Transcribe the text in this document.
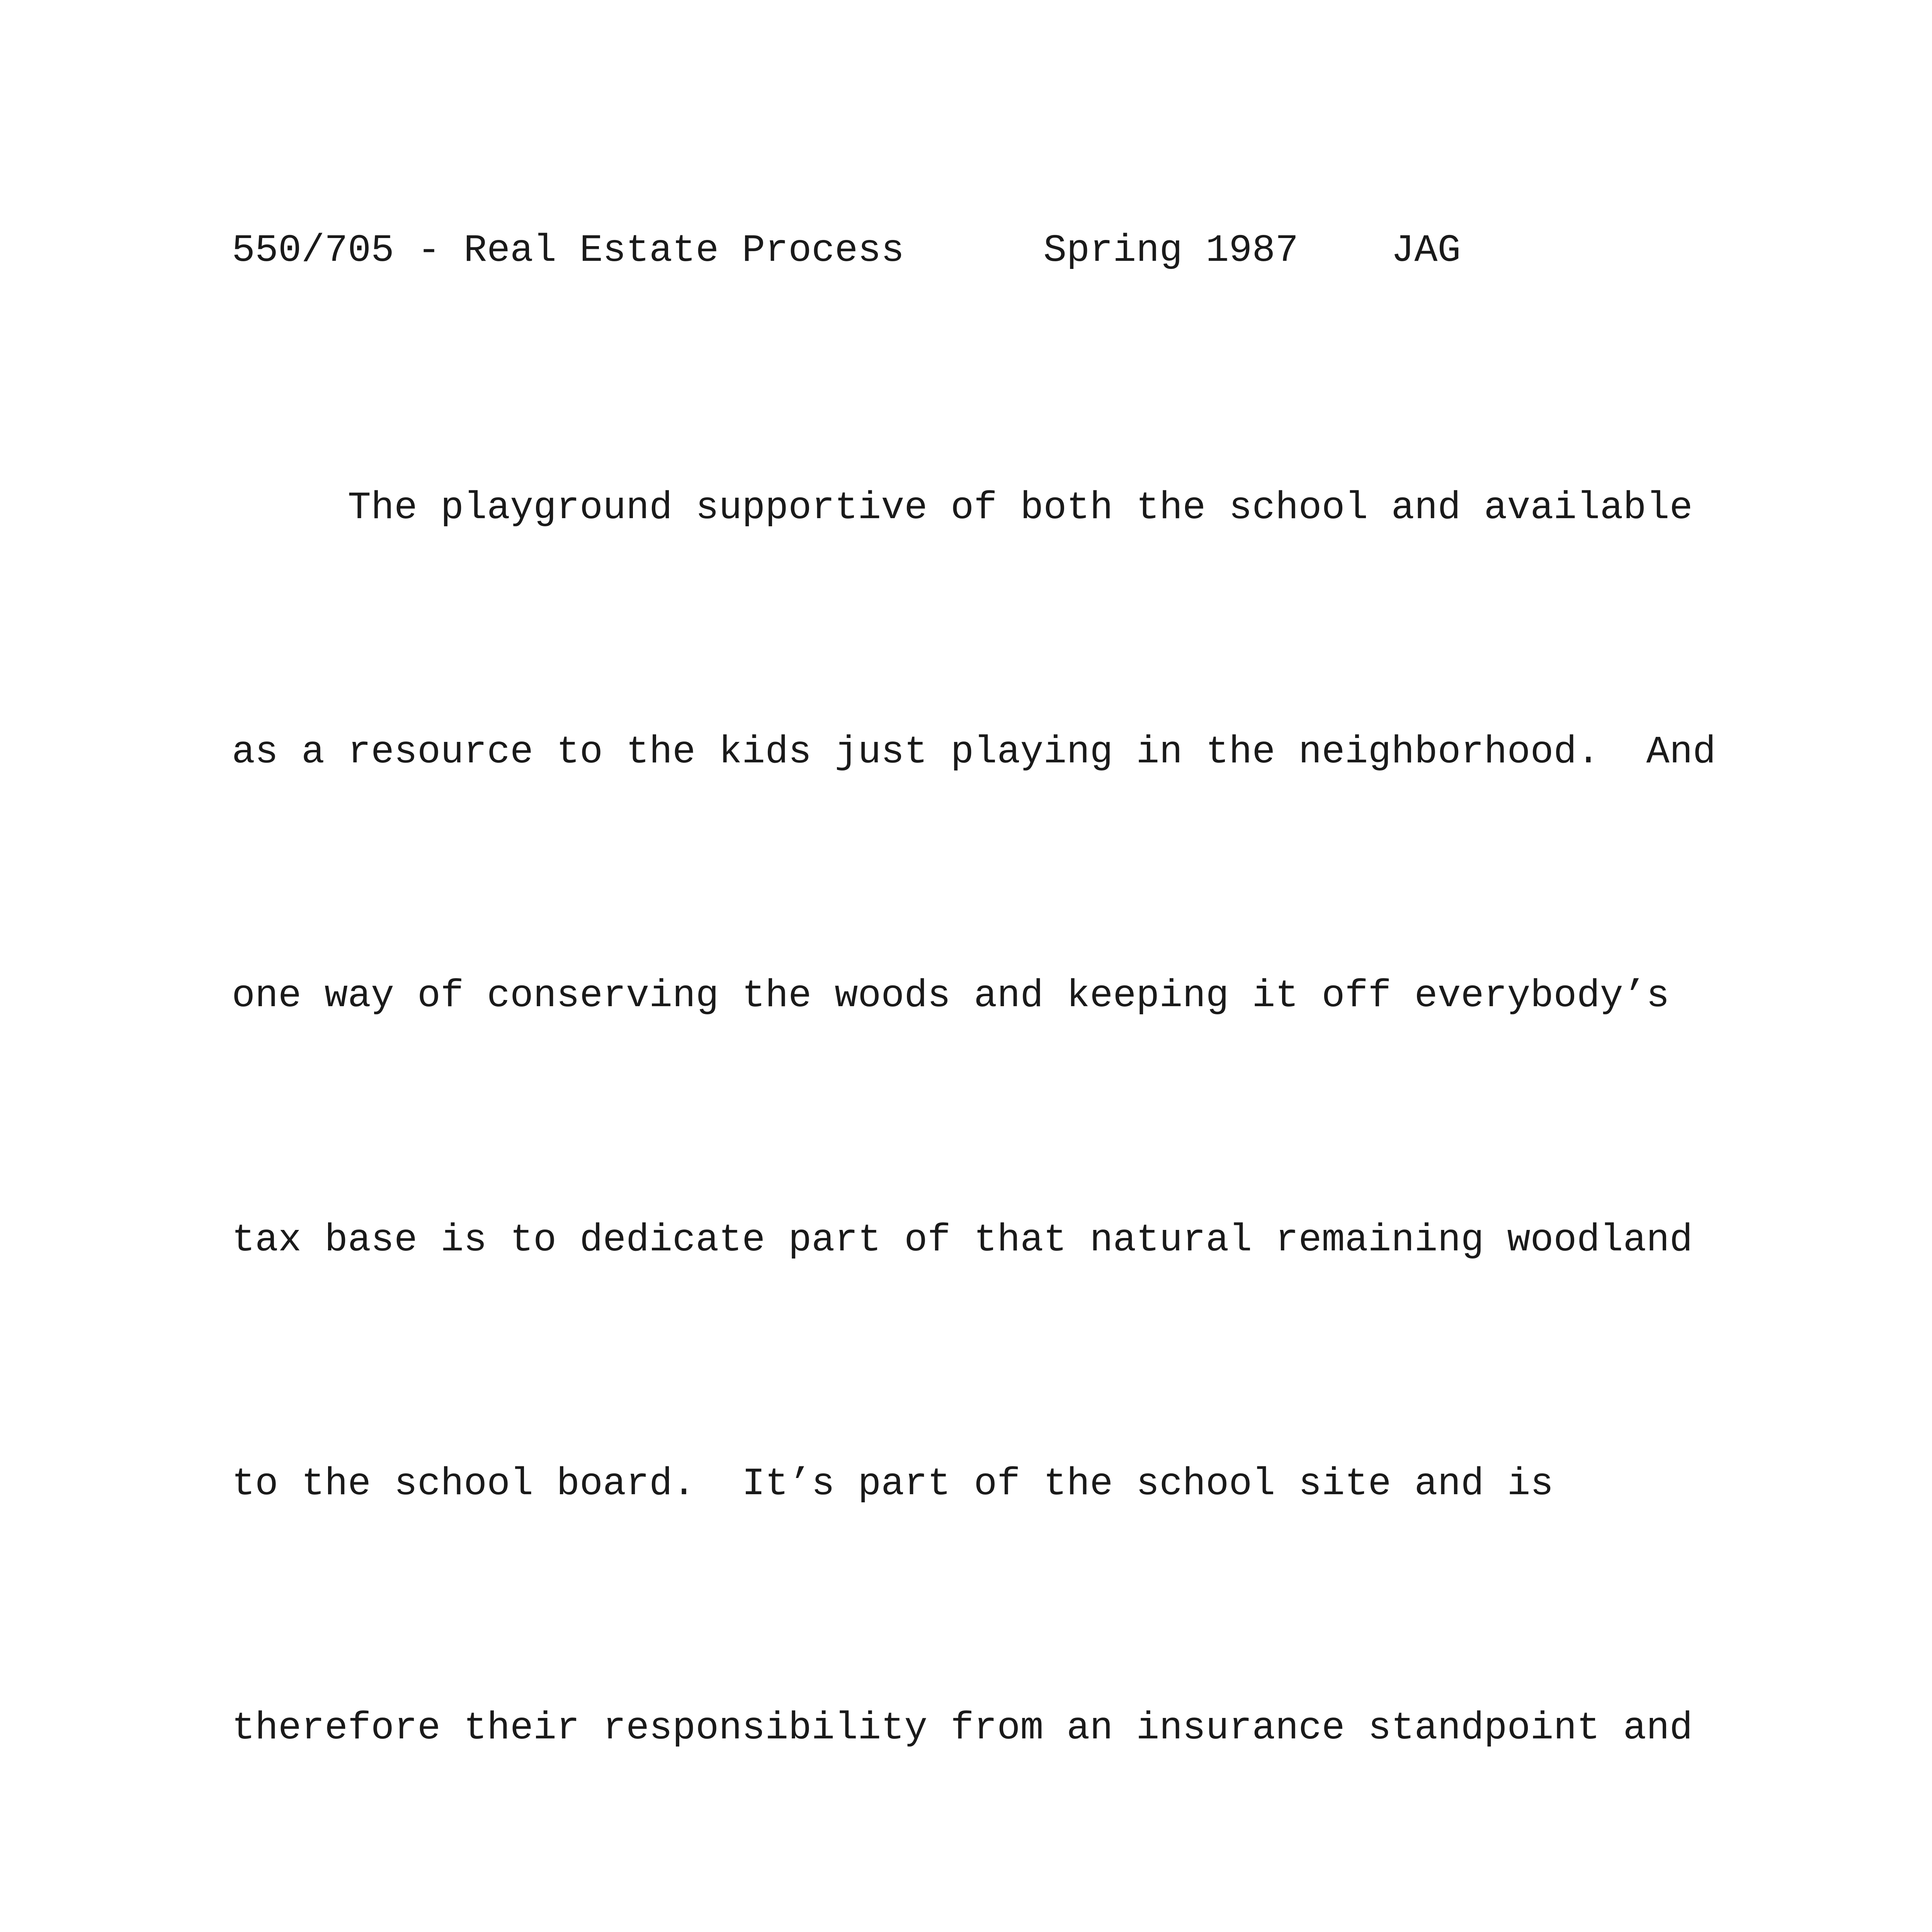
550/705 - Real Estate Process	Spring 1987 JAG

The playground supportive of both the school and available

as a resource to the kids just playing in the neighborhood.  And

one way of conserving the woods and keeping it off everybody’s

tax base is to dedicate part of that natural remaining woodland

to the school board.  It’s part of the school site and is

therefore their responsibility from an insurance standpoint and
